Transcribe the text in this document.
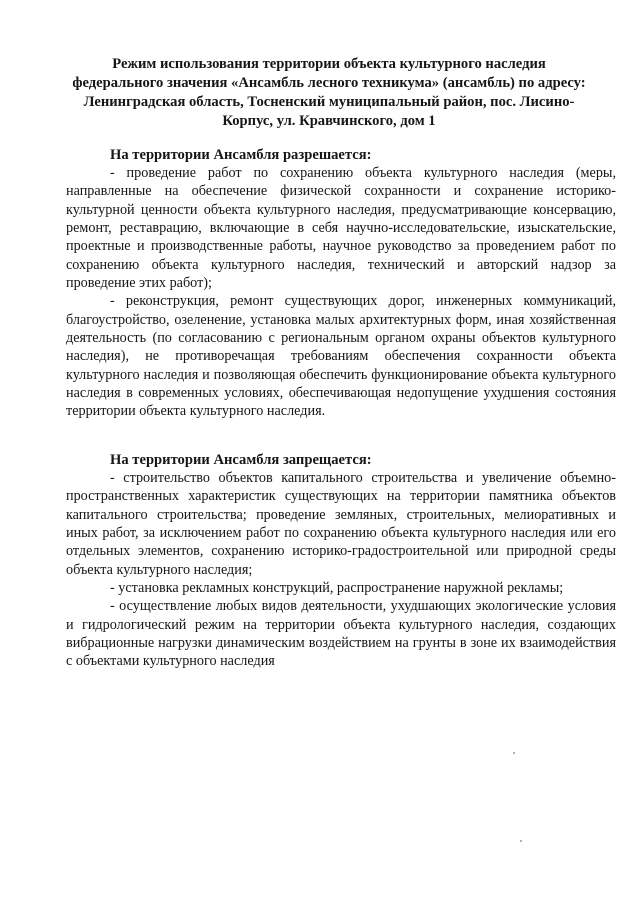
Режим использования территории объекта культурного наследия федерального значения «Ансамбль лесного техникума» (ансамбль) по адресу: Ленинградская область, Тосненский муниципальный район, пос. Лисино-Корпус, ул. Кравчинского, дом 1

На территории Ансамбля разрешается:

- проведение работ по сохранению объекта культурного наследия (меры, направленные на обеспечение физической сохранности и сохранение историко-культурной ценности объекта культурного наследия, предусматривающие консервацию, ремонт, реставрацию, включающие в себя научно-исследовательские, изыскательские, проектные и производственные работы, научное руководство за проведением работ по сохранению объекта культурного наследия, технический и авторский надзор за проведение этих работ);

- реконструкция, ремонт существующих дорог, инженерных коммуникаций, благоустройство, озеленение, установка малых архитектурных форм, иная хозяйственная деятельность (по согласованию с региональным органом охраны объектов культурного наследия), не противоречащая требованиям обеспечения сохранности объекта культурного наследия и позволяющая обеспечить функционирование объекта культурного наследия в современных условиях, обеспечивающая недопущение ухудшения состояния территории объекта культурного наследия.

На территории Ансамбля запрещается:

- строительство объектов капитального строительства и увеличение объемно-пространственных характеристик существующих на территории памятника объектов капитального строительства; проведение земляных, строительных, мелиоративных и иных работ, за исключением работ по сохранению объекта культурного наследия или его отдельных элементов, сохранению историко-градостроительной или природной среды объекта культурного наследия;

- установка рекламных конструкций, распространение наружной рекламы;

- осуществление любых видов деятельности, ухудшающих экологические условия и гидрологический режим на территории объекта культурного наследия, создающих вибрационные нагрузки динамическим воздействием на грунты в зоне их взаимодействия с объектами культурного наследия
